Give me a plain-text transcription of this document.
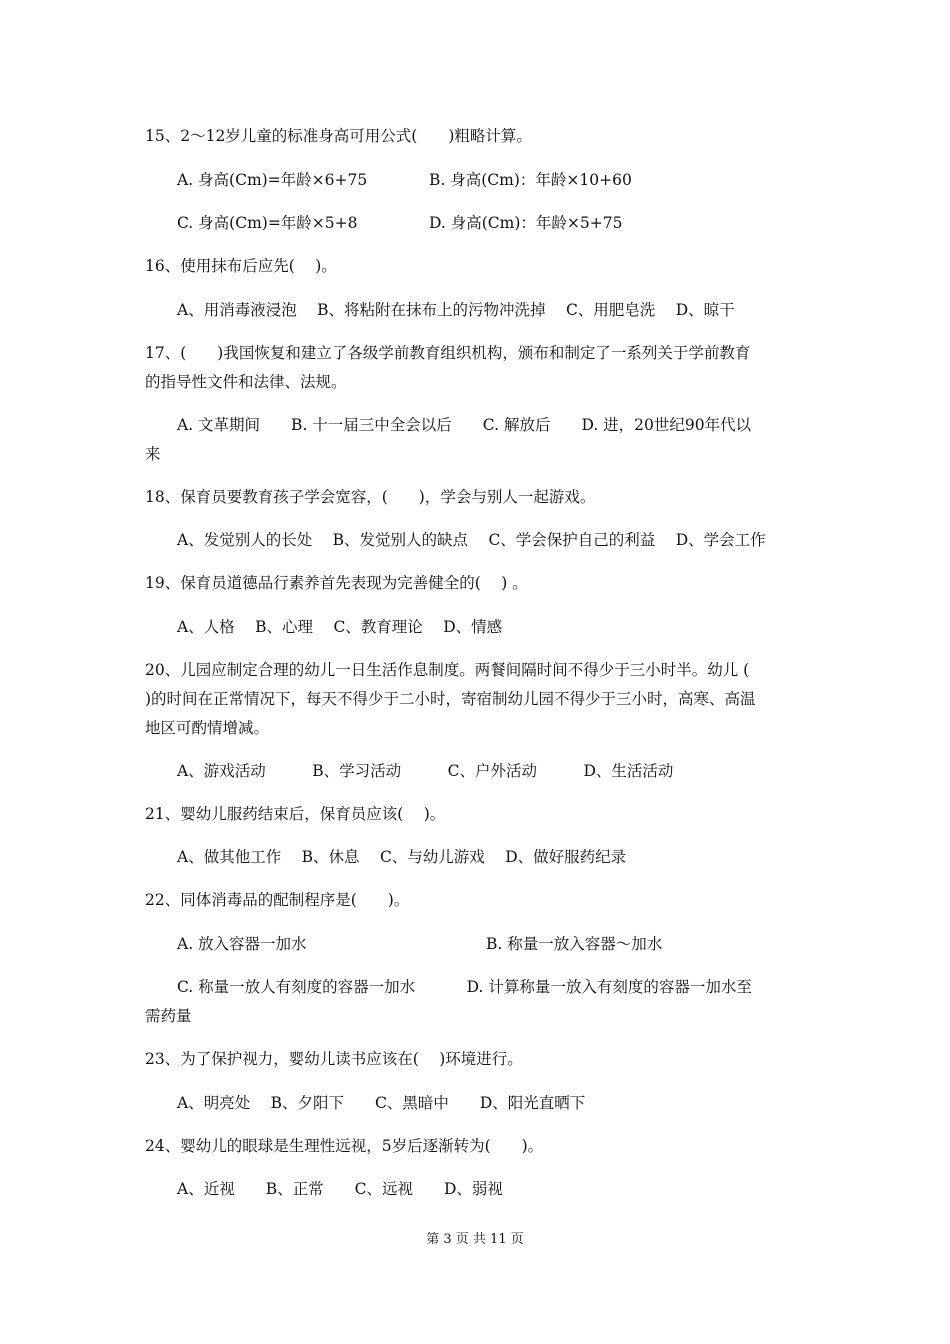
15、2～12岁儿童的标准身高可用公式(　　)粗略计算。
A. 身高(Cm)=年龄×6+75	B. 身高(Cm)：年龄×10+60
C. 身高(Cm)=年龄×5+8	D. 身高(Cm)：年龄×5+75
16、使用抹布后应先(　 )。
A、用消毒液浸泡　 B、将粘附在抹布上的污物冲洗掉　 C、用肥皂洗　 D、晾干
17、(　　)我国恢复和建立了各级学前教育组织机构，颁布和制定了一系列关于学前教育
的指导性文件和法律、法规。
A. 文革期间　　B. 十一届三中全会以后　　C. 解放后　　D. 进，20世纪90年代以
来
18、保育员要教育孩子学会宽容，(　　)，学会与别人一起游戏。
A、发觉别人的长处　 B、发觉别人的缺点　 C、学会保护自己的利益　 D、学会工作
19、保育员道德品行素养首先表现为完善健全的(　 ) 。
A、人格　 B、心理　 C、教育理论　 D、情感
20、儿园应制定合理的幼儿一日生活作息制度。两餐间隔时间不得少于三小时半。幼儿 (
)的时间在正常情况下，每天不得少于二小时，寄宿制幼儿园不得少于三小时，高寒、高温
地区可酌情增减。
A、游戏活动　　　B、学习活动　　　C、户外活动　　　D、生活活动
21、婴幼儿服药结束后，保育员应该(　 )。
A、做其他工作　 B、休息　 C、与幼儿游戏　 D、做好服药纪录
22、同体消毒品的配制程序是(　　)。
A. 放入容器一加水	B. 称量一放入容器～加水
C. 称量一放人有刻度的容器一加水　　　 D. 计算称量一放入有刻度的容器一加水至
需药量
23、为了保护视力，婴幼儿读书应该在(　 )环境进行。
A、明亮处　 B、夕阳下　　C、黑暗中　　D、阳光直晒下
24、婴幼儿的眼球是生理性远视，5岁后逐渐转为(　　)。
A、近视　　B、正常　　C、远视　　D、弱视
第 3 页 共 11 页
